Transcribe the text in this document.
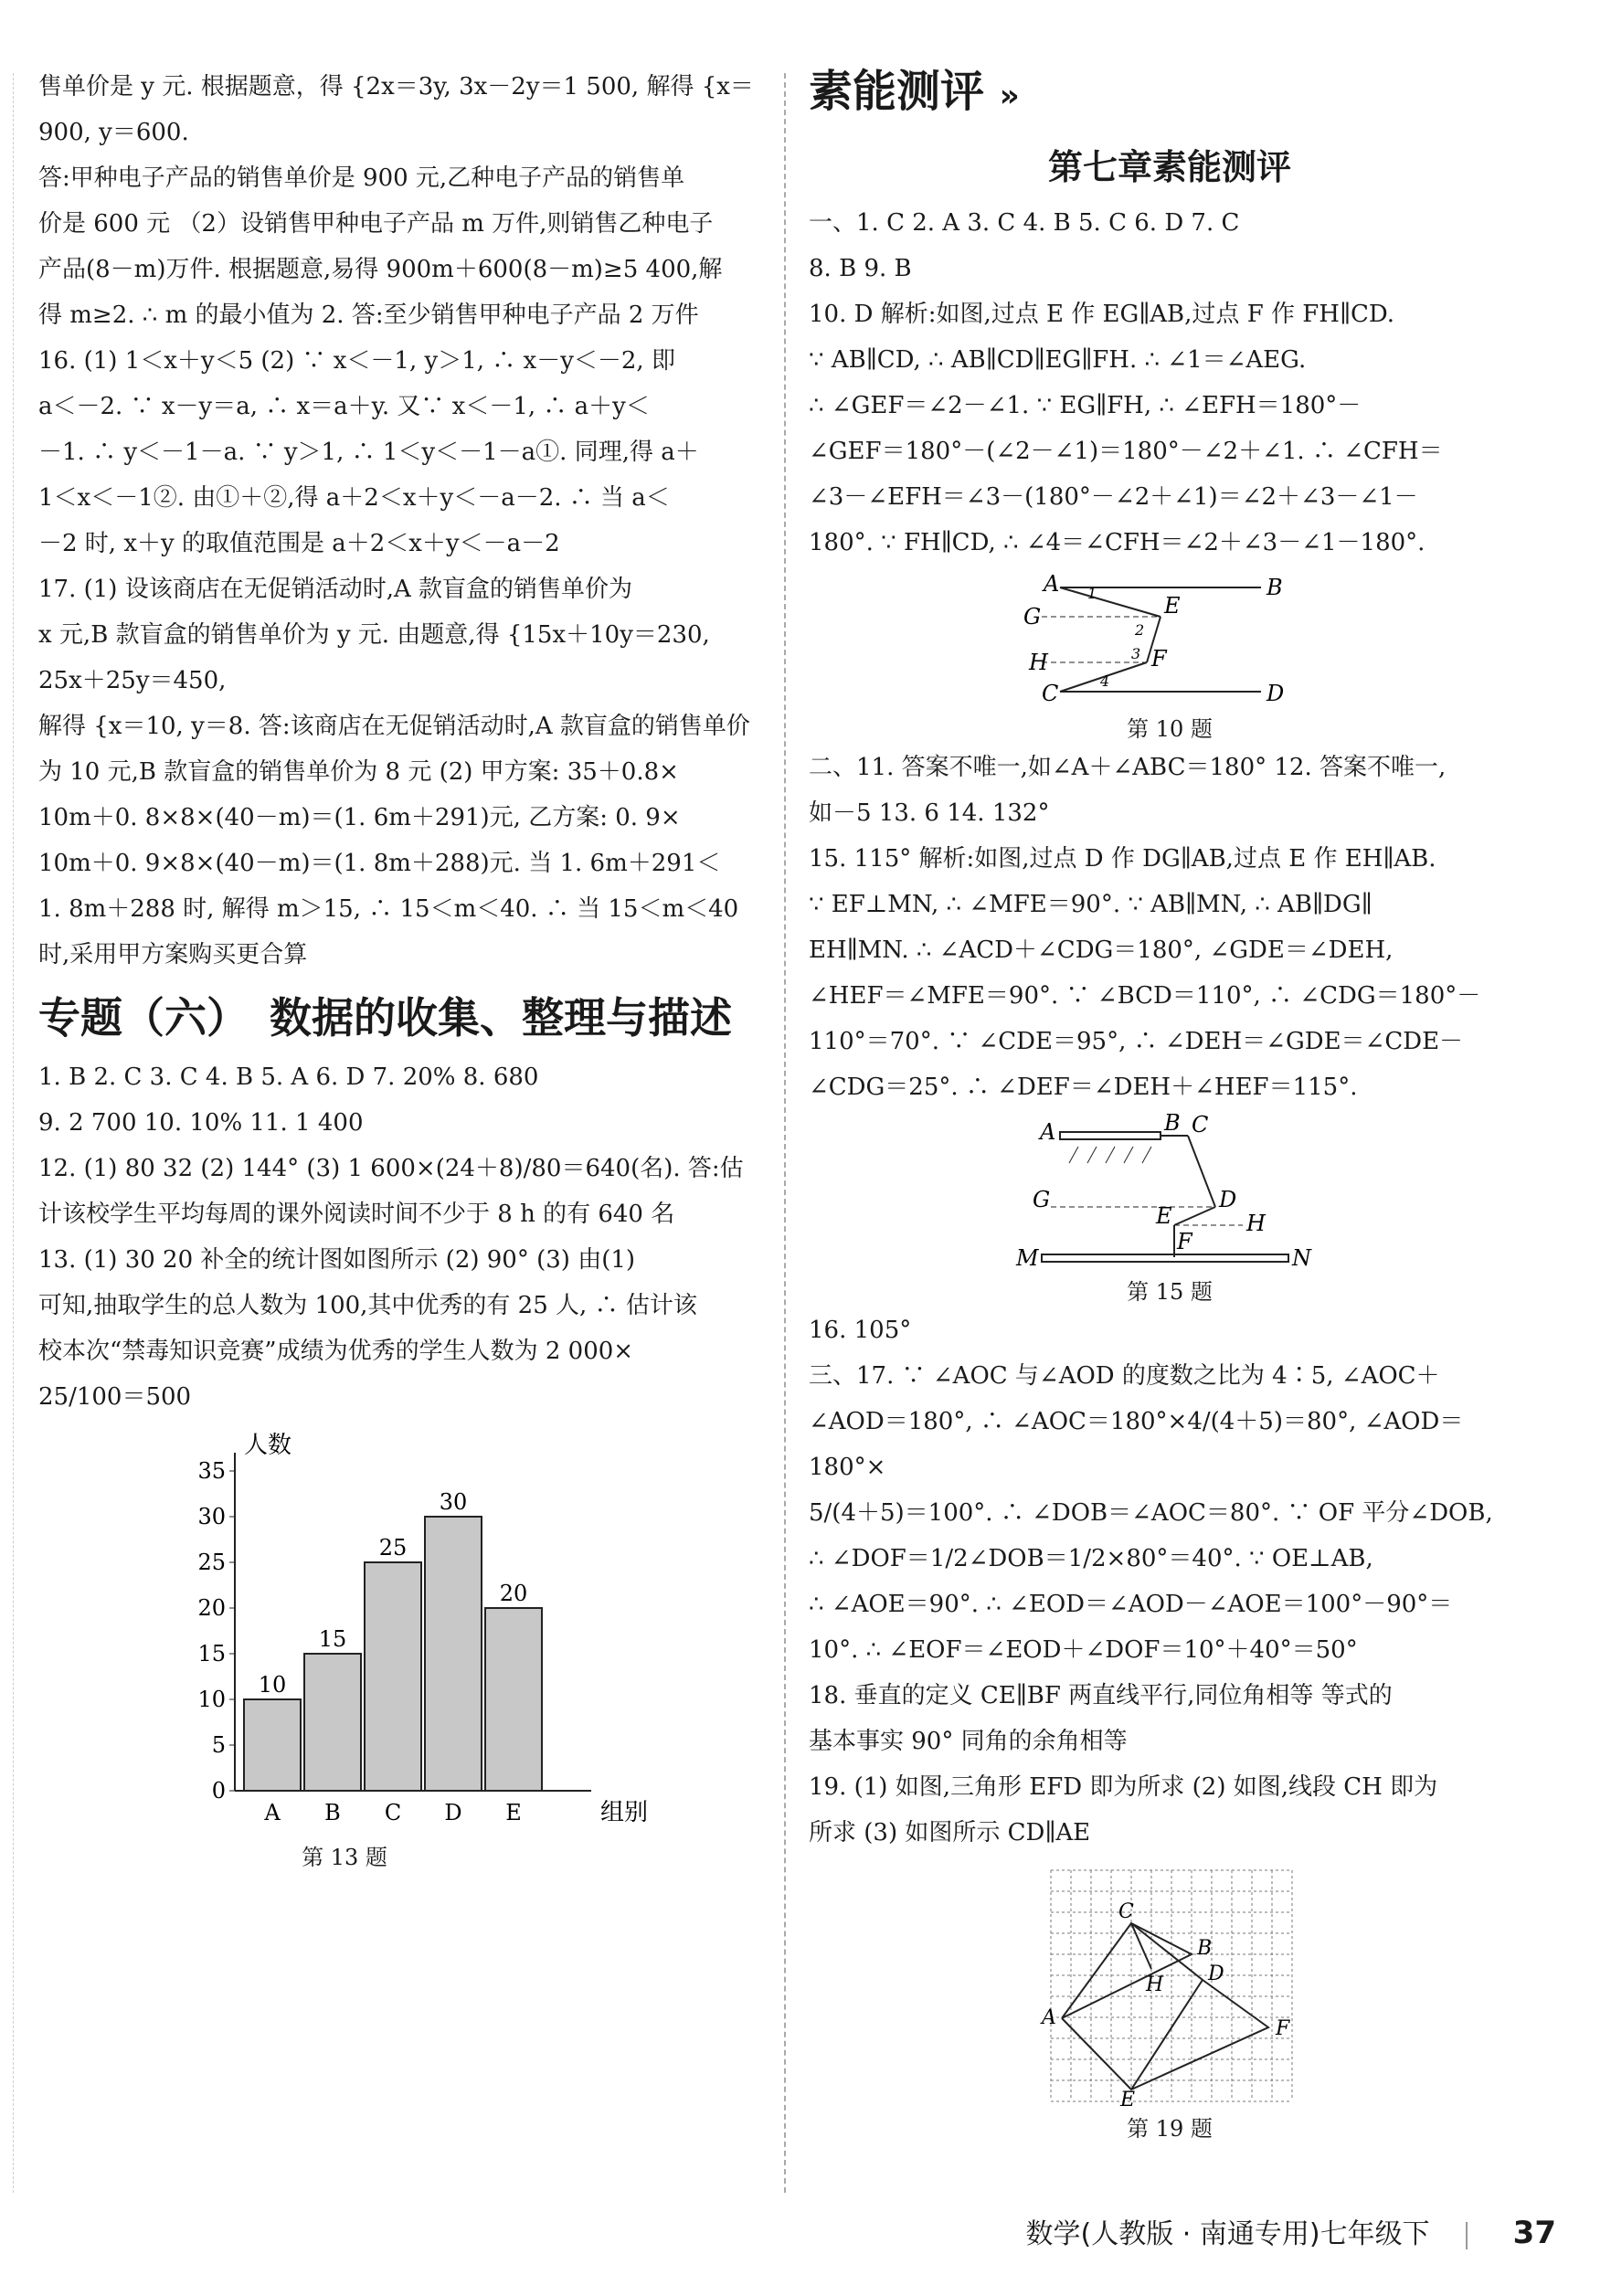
售单价是 y 元. 根据题意，得 {2x＝3y, 3x－2y＝1 500, 解得 {x＝900, y＝600.

答:甲种电子产品的销售单价是 900 元,乙种电子产品的销售单

价是 600 元 （2）设销售甲种电子产品 m 万件,则销售乙种电子

产品(8－m)万件. 根据题意,易得 900m＋600(8－m)≥5 400,解

得 m≥2. ∴ m 的最小值为 2. 答:至少销售甲种电子产品 2 万件

16. (1) 1＜x＋y＜5 (2) ∵ x＜－1, y＞1, ∴ x－y＜－2, 即

a＜－2. ∵ x－y＝a, ∴ x＝a＋y. 又∵ x＜－1, ∴ a＋y＜

－1. ∴ y＜－1－a. ∵ y＞1, ∴ 1＜y＜－1－a①. 同理,得 a＋

1＜x＜－1②. 由①＋②,得 a＋2＜x＋y＜－a－2. ∴ 当 a＜

－2 时, x＋y 的取值范围是 a＋2＜x＋y＜－a－2

17. (1) 设该商店在无促销活动时,A 款盲盒的销售单价为

x 元,B 款盲盒的销售单价为 y 元. 由题意,得 {15x＋10y＝230, 25x＋25y＝450,

解得 {x＝10, y＝8. 答:该商店在无促销活动时,A 款盲盒的销售单价

为 10 元,B 款盲盒的销售单价为 8 元 (2) 甲方案: 35＋0.8×

10m＋0. 8×8×(40－m)＝(1. 6m＋291)元, 乙方案: 0. 9×

10m＋0. 9×8×(40－m)＝(1. 8m＋288)元. 当 1. 6m＋291＜

1. 8m＋288 时, 解得 m＞15, ∴ 15＜m＜40. ∴ 当 15＜m＜40

时,采用甲方案购买更合算

专题（六）　数据的收集、整理与描述

1. B 2. C 3. C 4. B 5. A 6. D 7. 20% 8. 680

9. 2 700 10. 10% 11. 1 400

12. (1) 80 32 (2) 144° (3) 1 600×(24＋8)/80＝640(名). 答:估

计该校学生平均每周的课外阅读时间不少于 8 h 的有 640 名

13. (1) 30 20 补全的统计图如图所示 (2) 90° (3) 由(1)

可知,抽取学生的总人数为 100,其中优秀的有 25 人, ∴ 估计该

校本次“禁毒知识竞赛”成绩为优秀的学生人数为 2 000×

25/100＝500

人数
组别
0
5
10
15
20
25
30
35
10
A
15
B
25
C
30
D
20
E
第 13 题
素能测评 »
第七章素能测评

一、1. C 2. A 3. C 4. B 5. C 6. D 7. C

8. B 9. B

10. D 解析:如图,过点 E 作 EG∥AB,过点 F 作 FH∥CD.

∵ AB∥CD, ∴ AB∥CD∥EG∥FH. ∴ ∠1＝∠AEG.

∴ ∠GEF＝∠2－∠1. ∵ EG∥FH, ∴ ∠EFH＝180°－

∠GEF＝180°－(∠2－∠1)＝180°－∠2＋∠1. ∴ ∠CFH＝

∠3－∠EFH＝∠3－(180°－∠2＋∠1)＝∠2＋∠3－∠1－

180°. ∵ FH∥CD, ∴ ∠4＝∠CFH＝∠2＋∠3－∠1－180°.

A	B
G	E
H	F
C	D
1
2
3
4
第 10 题

二、11. 答案不唯一,如∠A＋∠ABC＝180° 12. 答案不唯一,

如－5 13. 6 14. 132°

15. 115° 解析:如图,过点 D 作 DG∥AB,过点 E 作 EH∥AB.

∵ EF⊥MN, ∴ ∠MFE＝90°. ∵ AB∥MN, ∴ AB∥DG∥

EH∥MN. ∴ ∠ACD＋∠CDG＝180°, ∠GDE＝∠DEH,

∠HEF＝∠MFE＝90°. ∵ ∠BCD＝110°, ∴ ∠CDG＝180°－

110°＝70°. ∵ ∠CDE＝95°, ∴ ∠DEH＝∠GDE＝∠CDE－

∠CDG＝25°. ∴ ∠DEF＝∠DEH＋∠HEF＝115°.

A	B C
G	D
E	H
F
M	N
第 15 题

16. 105°

三、17. ∵ ∠AOC 与∠AOD 的度数之比为 4∶5, ∠AOC＋

∠AOD＝180°, ∴ ∠AOC＝180°×4/(4＋5)＝80°, ∠AOD＝180°×

5/(4＋5)＝100°. ∴ ∠DOB＝∠AOC＝80°. ∵ OF 平分∠DOB,

∴ ∠DOF＝1/2∠DOB＝1/2×80°＝40°. ∵ OE⊥AB,

∴ ∠AOE＝90°. ∴ ∠EOD＝∠AOD－∠AOE＝100°－90°＝

10°. ∴ ∠EOF＝∠EOD＋∠DOF＝10°＋40°＝50°

18. 垂直的定义 CE∥BF 两直线平行,同位角相等 等式的

基本事实 90° 同角的余角相等

19. (1) 如图,三角形 EFD 即为所求 (2) 如图,线段 CH 即为

所求 (3) 如图所示 CD∥AE

C
B
H D
A	F
E
第 19 题
数学(人教版 · 南通专用)七年级下	37
